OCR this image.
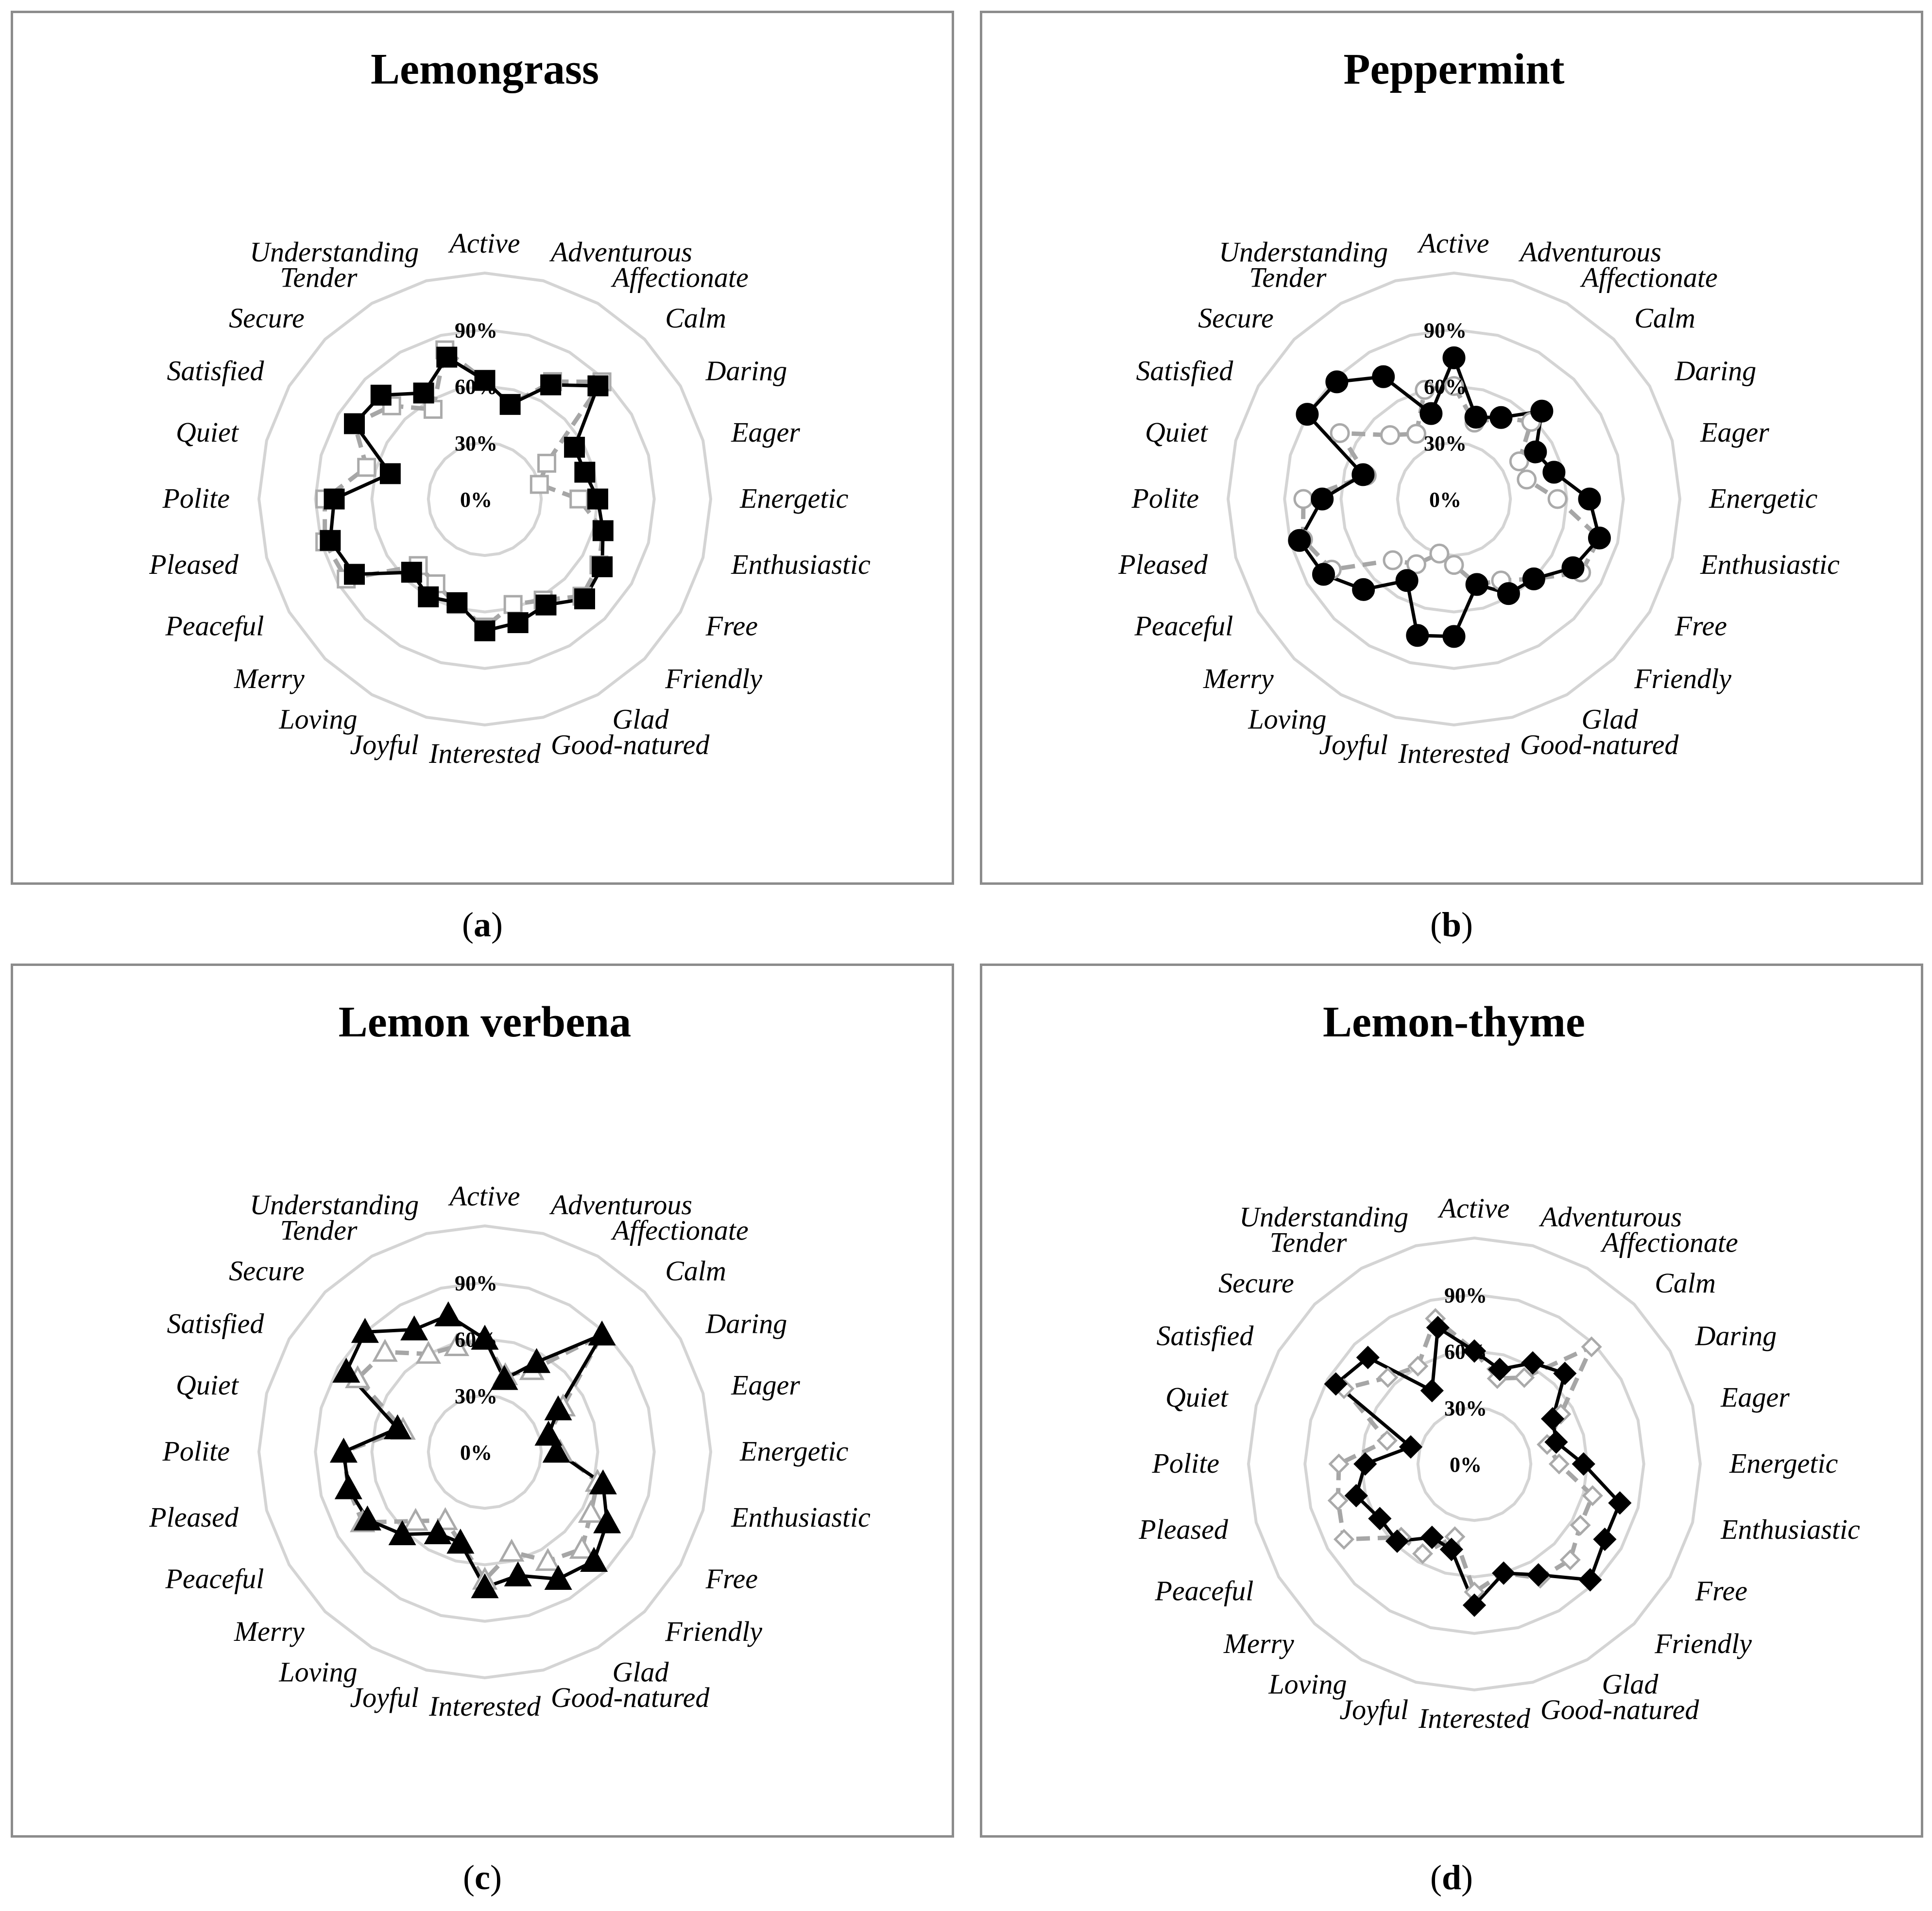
Lemongrass
0%
30%
60%
90%
Active Adventurous
Affectionate
Calm
Daring
Eager
Energetic
Enthusiastic
Free
Friendly
Glad
Good-natured
Interested
Joyful
Loving
Merry
Peaceful
Pleased
Polite
Quiet
Satisfied
Secure
Tender
Understanding
(a)
Peppermint
0%
30%
60%
90%
Active Adventurous
Affectionate
Calm
Daring
Eager
Energetic
Enthusiastic
Free
Friendly
Glad
Good-natured
Interested
Joyful
Loving
Merry
Peaceful
Pleased
Polite
Quiet
Satisfied
Secure
Tender
Understanding
(b)
Lemon verbena
0%
30%
60%
90%
Active Adventurous
Affectionate
Calm
Daring
Eager
Energetic
Enthusiastic
Free
Friendly
Glad
Good-natured
Interested
Joyful
Loving
Merry
Peaceful
Pleased
Polite
Quiet
Satisfied
Secure
Tender
Understanding
(c)
Lemon-thyme
0%
30%
60%
90%
Active Adventurous
Affectionate
Calm
Daring
Eager
Energetic
Enthusiastic
Free
Friendly
Glad
Good-natured
Interested
Joyful
Loving
Merry
Peaceful
Pleased
Polite
Quiet
Satisfied
Secure
Tender
Understanding
(d)
